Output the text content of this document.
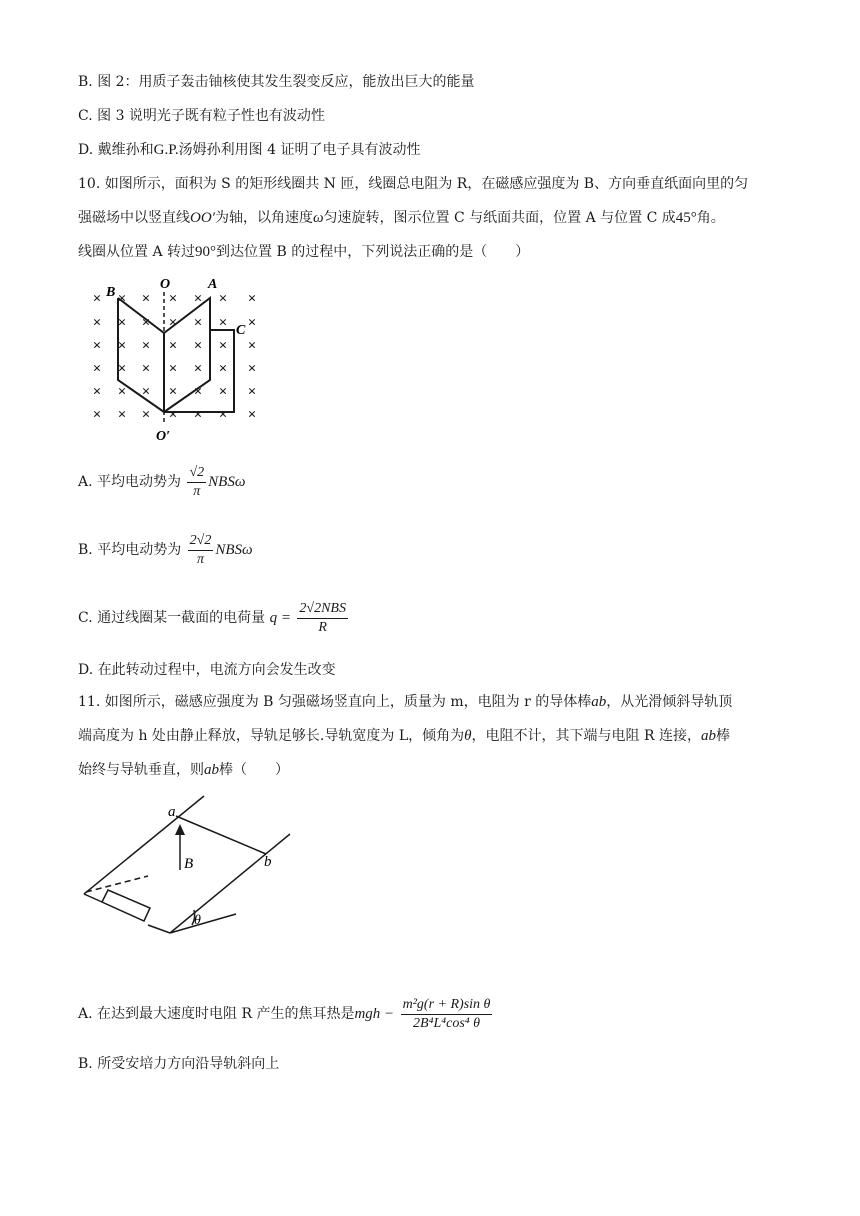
B. 图 2：用质子轰击铀核使其发生裂变反应，能放出巨大的能量
C. 图 3 说明光子既有粒子性也有波动性
D. 戴维孙和G.P.汤姆孙利用图 4 证明了电子具有波动性
10. 如图所示，面积为 S 的矩形线圈共 N 匝，线圈总电阻为 R，在磁感应强度为 B、方向垂直纸面向里的匀
强磁场中以竖直线OO′为轴，以角速度ω匀速旋转，图示位置 C 与纸面共面，位置 A 与位置 C 成45°角。
线圈从位置 A 转过90°到达位置 B 的过程中，下列说法正确的是（　　）
× × × × × × ×
× × × × × × ×
× × × × × × ×
× × × × × × ×
× × × × × × ×
× × × × × × ×
B
O	A
C
O′
A. 平均电动势为 $\frac{√2}{\pi}$ NBSω
B. 平均电动势为 $\frac{2√2}{\pi}$ NBSω
C. 通过线圈某一截面的电荷量 $q = \frac{\text{2√2NBS}}{R}$
D. 在此转动过程中，电流方向会发生改变
11. 如图所示，磁感应强度为 B 匀强磁场竖直向上，质量为 m，电阻为 r 的导体棒ab，从光滑倾斜导轨顶
端高度为 h 处由静止释放，导轨足够长.导轨宽度为 L，倾角为θ，电阻不计，其下端与电阻 R 连接，ab棒
始终与导轨垂直，则ab棒（　　）
a
b
B
θ
A. 在达到最大速度时电阻 R 产生的焦耳热是mgh − $\frac{\text{m²g(r + R)sin θ}}{\text{2B⁴L⁴cos⁴ θ}}$
B. 所受安培力方向沿导轨斜向上
